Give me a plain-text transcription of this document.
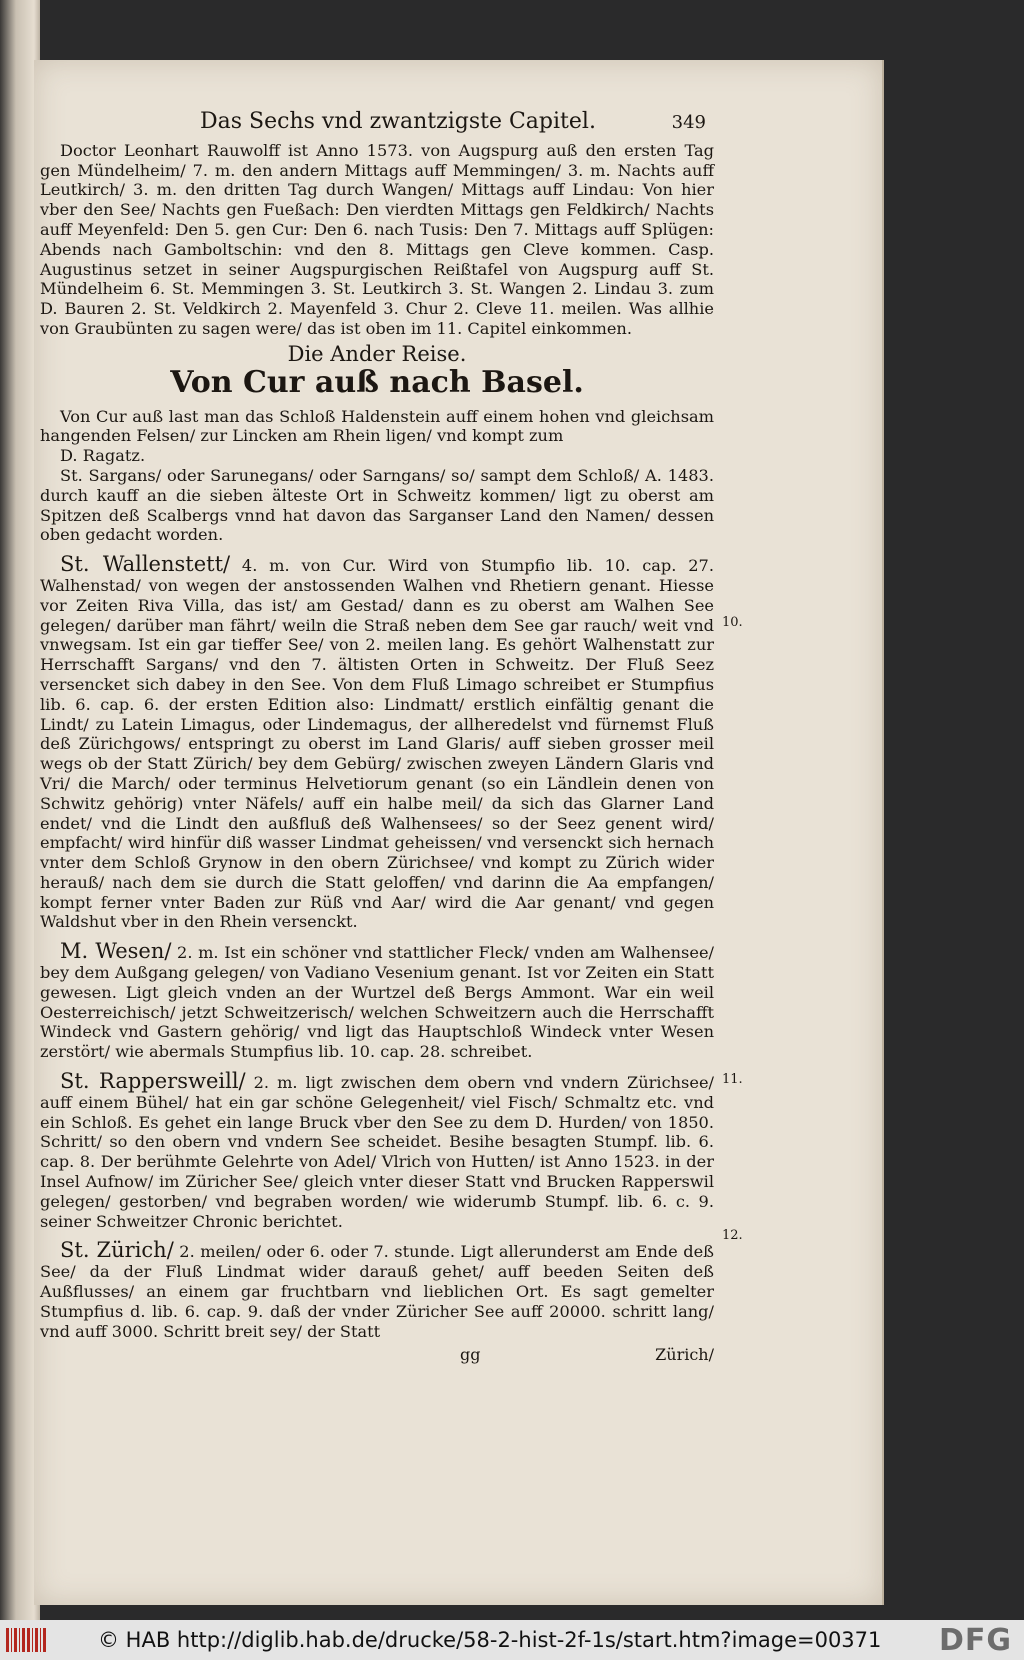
Das Sechs vnd zwantzigste Capitel.	349

Doctor Leonhart Rauwolff ist Anno 1573. von Augspurg auß den ersten Tag gen Mündelheim/ 7. m. den andern Mittags auff Memmingen/ 3. m. Nachts auff Leutkirch/ 3. m. den dritten Tag durch Wangen/ Mittags auff Lindau: Von hier vber den See/ Nachts gen Fueßach: Den vierdten Mittags gen Feldkirch/ Nachts auff Meyenfeld: Den 5. gen Cur: Den 6. nach Tusis: Den 7. Mittags auff Splügen: Abends nach Gamboltschin: vnd den 8. Mittags gen Cleve kommen. Casp. Augustinus setzet in seiner Augspurgischen Reißtafel von Augspurg auff St. Mündelheim 6. St. Memmingen 3. St. Leutkirch 3. St. Wangen 2. Lindau 3. zum D. Bauren 2. St. Veldkirch 2. Mayenfeld 3. Chur 2. Cleve 11. meilen. Was allhie von Graubünten zu sagen were/ das ist oben im 11. Capitel einkommen.

Die Ander Reise.
Von Cur auß nach Basel.

Von Cur auß last man das Schloß Haldenstein auff einem hohen vnd gleichsam hangenden Felsen/ zur Lincken am Rhein ligen/ vnd kompt zum

D. Ragatz.

St. Sargans/ oder Sarunegans/ oder Sarngans/ so/ sampt dem Schloß/ A. 1483. durch kauff an die sieben älteste Ort in Schweitz kommen/ ligt zu oberst am Spitzen deß Scalbergs vnnd hat davon das Sarganser Land den Namen/ dessen oben gedacht worden.

St. Wallenstett/ 4. m. von Cur. Wird von Stumpfio lib. 10. cap. 27. Walhenstad/ von wegen der anstossenden Walhen vnd Rhetiern genant. Hiesse vor Zeiten Riva Villa, das ist/ am Gestad/ dann es zu oberst am Walhen See gelegen/ darüber man fährt/ weiln die Straß neben dem See gar rauch/ weit vnd vnwegsam. Ist ein gar tieffer See/ von 2. meilen lang. Es gehört Walhenstatt zur Herrschafft Sargans/ vnd den 7. ältisten Orten in Schweitz. Der Fluß Seez versencket sich dabey in den See. Von dem Fluß Limago schreibet er Stumpfius lib. 6. cap. 6. der ersten Edition also: Lindmatt/ erstlich einfältig genant die Lindt/ zu Latein Limagus, oder Lindemagus, der allheredelst vnd fürnemst Fluß deß Zürichgows/ entspringt zu oberst im Land Glaris/ auff sieben grosser meil wegs ob der Statt Zürich/ bey dem Gebürg/ zwischen zweyen Ländern Glaris vnd Vri/ die March/ oder terminus Helvetiorum genant (so ein Ländlein denen von Schwitz gehörig) vnter Näfels/ auff ein halbe meil/ da sich das Glarner Land endet/ vnd die Lindt den außfluß deß Walhensees/ so der Seez genent wird/ empfacht/ wird hinfür diß wasser Lindmat geheissen/ vnd versenckt sich hernach vnter dem Schloß Grynow in den obern Zürichsee/ vnd kompt zu Zürich wider herauß/ nach dem sie durch die Statt geloffen/ vnd darinn die Aa empfangen/ kompt ferner vnter Baden zur Rüß vnd Aar/ wird die Aar genant/ vnd gegen Waldshut vber in den Rhein versenckt.

M. Wesen/ 2. m. Ist ein schöner vnd stattlicher Fleck/ vnden am Walhensee/ bey dem Außgang gelegen/ von Vadiano Vesenium genant. Ist vor Zeiten ein Statt gewesen. Ligt gleich vnden an der Wurtzel deß Bergs Ammont. War ein weil Oesterreichisch/ jetzt Schweitzerisch/ welchen Schweitzern auch die Herrschafft Windeck vnd Gastern gehörig/ vnd ligt das Hauptschloß Windeck vnter Wesen zerstört/ wie abermals Stumpfius lib. 10. cap. 28. schreibet.

St. Rappersweill/ 2. m. ligt zwischen dem obern vnd vndern Zürichsee/ auff einem Bühel/ hat ein gar schöne Gelegenheit/ viel Fisch/ Schmaltz etc. vnd ein Schloß. Es gehet ein lange Bruck vber den See zu dem D. Hurden/ von 1850. Schritt/ so den obern vnd vndern See scheidet. Besihe besagten Stumpf. lib. 6. cap. 8. Der berühmte Gelehrte von Adel/ Vlrich von Hutten/ ist Anno 1523. in der Insel Aufnow/ im Züricher See/ gleich vnter dieser Statt vnd Brucken Rapperswil gelegen/ gestorben/ vnd begraben worden/ wie widerumb Stumpf. lib. 6. c. 9. seiner Schweitzer Chronic berichtet.

St. Zürich/ 2. meilen/ oder 6. oder 7. stunde. Ligt allerunderst am Ende deß See/ da der Fluß Lindmat wider darauß gehet/ auff beeden Seiten deß Außflusses/ an einem gar fruchtbarn vnd lieblichen Ort. Es sagt gemelter Stumpfius d. lib. 6. cap. 9. daß der vnder Züricher See auff 20000. schritt lang/ vnd auff 3000. Schritt breit sey/ der Statt

gg	Zürich/
10.
11.
12.
© HAB http://diglib.hab.de/drucke/58-2-hist-2f-1s/start.htm?image=00371 DFG
